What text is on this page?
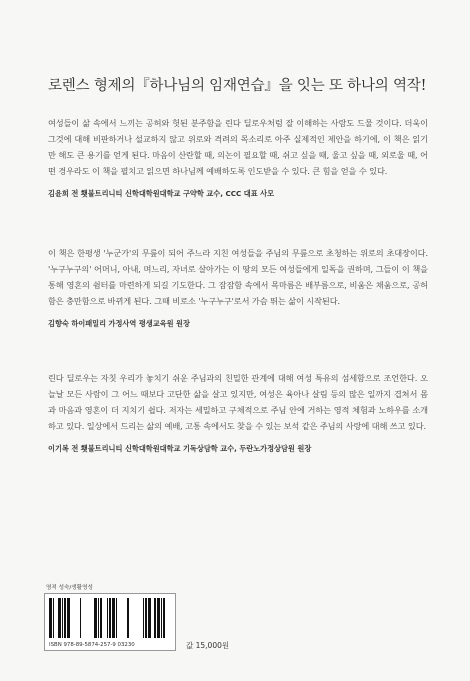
로렌스 형제의『하나님의 임재연습』을 잇는 또 하나의 역작!

여성들이 삶 속에서 느끼는 공허와 헛된 분주함을 린다 딜로우처럼 잘 이해하는 사람도 드물 것이다. 더욱이 그것에 대해 비판하거나 설교하지 않고 위로와 격려의 목소리로 아주 실제적인 제안을 하기에, 이 책은 읽기만 해도 큰 용기를 얻게 된다. 마음이 산란할 때, 의논이 필요할 때, 쉬고 싶을 때, 울고 싶을 때, 외로울 때, 어떤 경우라도 이 책을 펼치고 읽으면 하나님께 예배하도록 인도받을 수 있다. 큰 힘을 얻을 수 있다.

김윤희 전 횃불트리니티 신학대학원대학교 구약학 교수, CCC 대표 사모

이 책은 한평생 '누군가'의 무릎이 되어 주느라 지친 여성들을 주님의 무릎으로 초청하는 위로의 초대장이다. '누구누구의' 어머니, 아내, 며느리, 자녀로 살아가는 이 땅의 모든 여성들에게 일독을 권하며, 그들이 이 책을 통해 영혼의 쉼터를 마련하게 되길 기도한다. 그 잠잠함 속에서 목마름은 배부름으로, 비움은 채움으로, 공허함은 충만함으로 바뀌게 된다. 그때 비로소 '누구누구'로서 가슴 뛰는 삶이 시작된다.

김향숙 하이패밀리 가정사역 평생교육원 원장

린다 딜로우는 자칫 우리가 놓치기 쉬운 주님과의 친밀한 관계에 대해 여성 특유의 섬세함으로 조언한다. 오늘날 모든 사람이 그 어느 때보다 고단한 삶을 살고 있지만, 여성은 육아나 살림 등의 많은 일까지 겹쳐서 몸과 마음과 영혼이 더 지치기 쉽다. 저자는 세밀하고 구체적으로 주님 안에 거하는 영적 체험과 노하우를 소개하고 있다. 일상에서 드리는 삶의 예배, 고통 속에서도 찾을 수 있는 보석 같은 주님의 사랑에 대해 쓰고 있다.

이기복 전 횃불트리니티 신학대학원대학교 기독상담학 교수, 두란노가정상담원 원장
영적 성숙/생활영성
ISBN 978-89-5874-257-9 03230	값 15,000원
